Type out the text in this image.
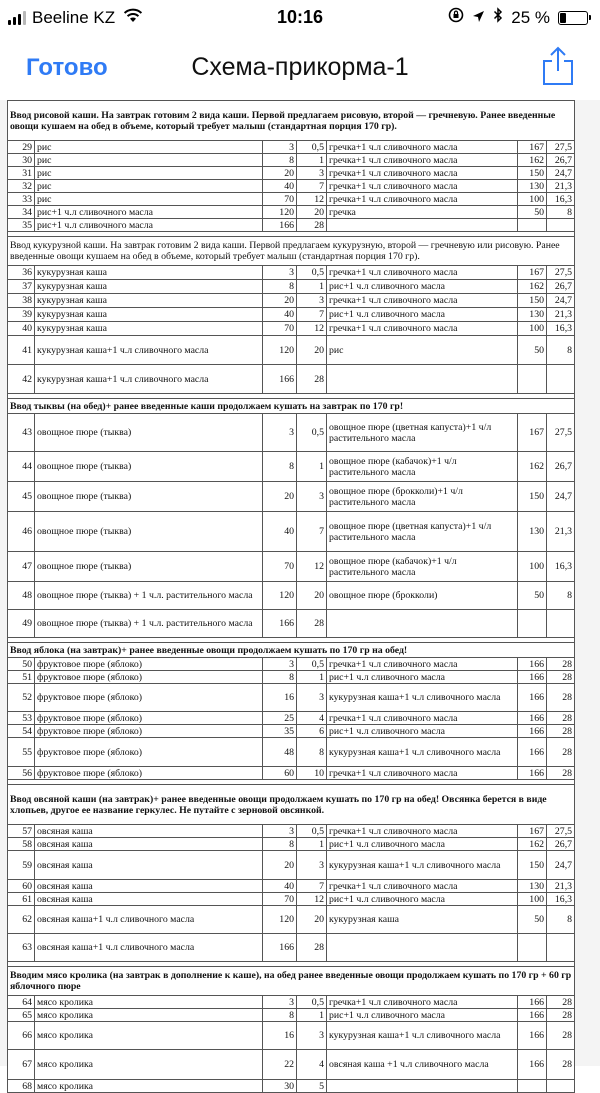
Beeline KZ	10:16	25 %
Готово	Схема-прикорма-1
Ввод рисовой каши. На завтрак готовим 2 вида каши. Первой предлагаем рисовую, второй — гречневую. Ранее введенные овощи кушаем на обед в объеме, который требует малыш (стандартная порция 170 гр).						
29	рис	3	0,5	гречка+1 ч.л сливочного масла	167	27,5
30	рис	8	1	гречка+1 ч.л сливочного масла	162	26,7
31	рис	20	3	гречка+1 ч.л сливочного масла	150	24,7
32	рис	40	7	гречка+1 ч.л сливочного масла	130	21,3
33	рис	70	12	гречка+1 ч.л сливочного масла	100	16,3
34	рис+1 ч.л сливочного масла	120	20	гречка	50	8
35	рис+1 ч.л сливочного масла	166	28			

Ввод кукурузной каши. На завтрак готовим 2 вида каши. Первой предлагаем кукурузную, второй — гречневую или рисовую. Ранее введенные овощи кушаем на обед в объеме, который требует малыш (стандартная порция 170 гр).						
36	кукурузная каша	3	0,5	гречка+1 ч.л сливочного масла	167	27,5
37	кукурузная каша	8	1	рис+1 ч.л сливочного масла	162	26,7
38	кукурузная каша	20	3	гречка+1 ч.л сливочного масла	150	24,7
39	кукурузная каша	40	7	рис+1 ч.л сливочного масла	130	21,3
40	кукурузная каша	70	12	гречка+1 ч.л сливочного масла	100	16,3
41	кукурузная каша+1 ч.л сливочного масла	120	20	рис	50	8
42	кукурузная каша+1 ч.л сливочного масла	166	28			

Ввод тыквы (на обед)+ ранее введенные каши продолжаем кушать на завтрак по 170 гр!						
43	овощное пюре (тыква)	3	0,5	овощное пюре (цветная капуста)+1 ч/л растительного масла	167	27,5
44	овощное пюре (тыква)	8	1	овощное пюре (кабачок)+1 ч/л растительного масла	162	26,7
45	овощное пюре (тыква)	20	3	овощное пюре (брокколи)+1 ч/л растительного масла	150	24,7
46	овощное пюре (тыква)	40	7	овощное пюре (цветная капуста)+1 ч/л растительного масла	130	21,3
47	овощное пюре (тыква)	70	12	овощное пюре (кабачок)+1 ч/л растительного масла	100	16,3
48	овощное пюре (тыква) + 1 ч.л. растительного масла	120	20	овощное пюре (брокколи)	50	8
49	овощное пюре (тыква) + 1 ч.л. растительного масла	166	28			

Ввод яблока (на завтрак)+ ранее введенные овощи продолжаем кушать по 170 гр на обед!						
50	фруктовое пюре (яблоко)	3	0,5	гречка+1 ч.л сливочного масла	166	28
51	фруктовое пюре (яблоко)	8	1	рис+1 ч.л сливочного масла	166	28
52	фруктовое пюре (яблоко)	16	3	кукурузная каша+1 ч.л сливочного масла	166	28
53	фруктовое пюре (яблоко)	25	4	гречка+1 ч.л сливочного масла	166	28
54	фруктовое пюре (яблоко)	35	6	рис+1 ч.л сливочного масла	166	28
55	фруктовое пюре (яблоко)	48	8	кукурузная каша+1 ч.л сливочного масла	166	28
56	фруктовое пюре (яблоко)	60	10	гречка+1 ч.л сливочного масла	166	28

Ввод овсяной каши (на завтрак)+ ранее введенные овощи продолжаем кушать по 170 гр на обед! Овсянка берется в виде хлопьев, другое ее название геркулес. Не путайте с зерновой овсянкой.						
57	овсяная каша	3	0,5	гречка+1 ч.л сливочного масла	167	27,5
58	овсяная каша	8	1	рис+1 ч.л сливочного масла	162	26,7
59	овсяная каша	20	3	кукурузная каша+1 ч.л сливочного масла	150	24,7
60	овсяная каша	40	7	гречка+1 ч.л сливочного масла	130	21,3
61	овсяная каша	70	12	рис+1 ч.л сливочного масла	100	16,3
62	овсяная каша+1 ч.л сливочного масла	120	20	кукурузная каша	50	8
63	овсяная каша+1 ч.л сливочного масла	166	28			

Вводим мясо кролика (на завтрак в дополнение к каше), на обед ранее введенные овощи продолжаем кушать по 170 гр + 60 гр яблочного пюре						
64	мясо кролика	3	0,5	гречка+1 ч.л сливочного масла	166	28
65	мясо кролика	8	1	рис+1 ч.л сливочного масла	166	28
66	мясо кролика	16	3	кукурузная каша+1 ч.л сливочного масла	166	28
67	мясо кролика	22	4	овсяная каша +1 ч.л сливочного масла	166	28
68	мясо кролика	30	5			
